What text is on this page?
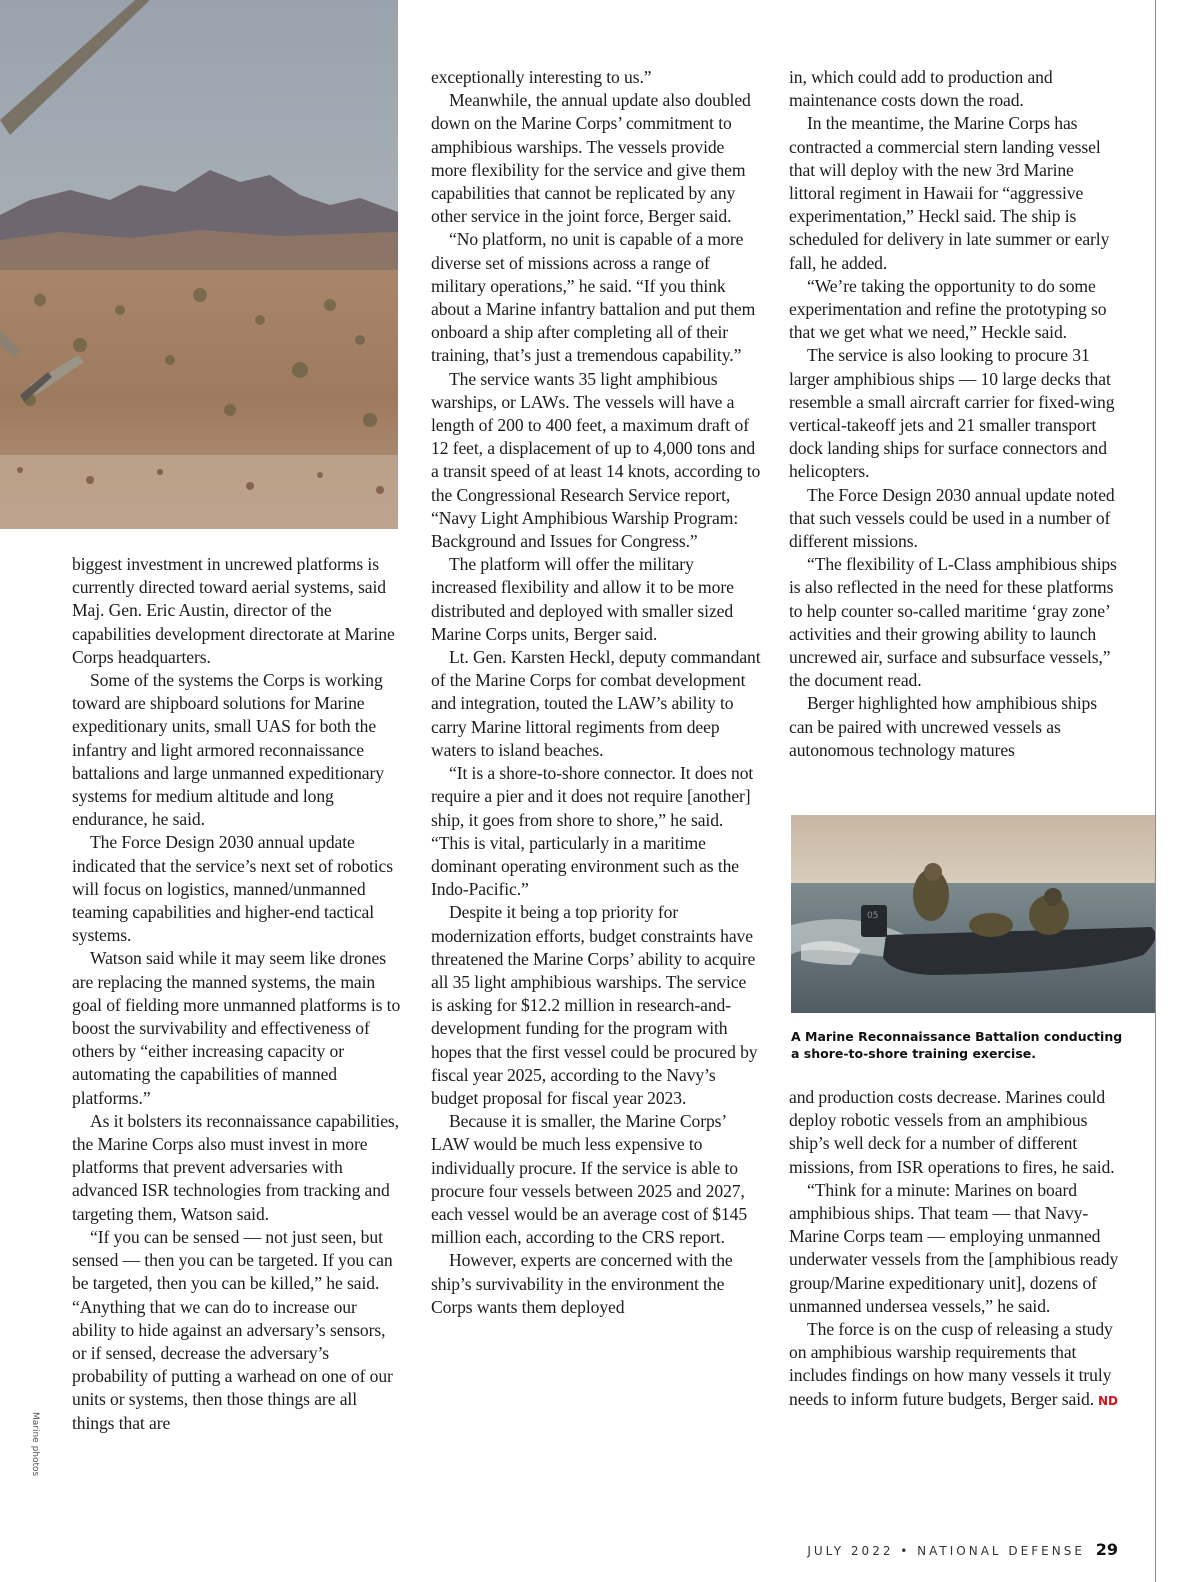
05
A Marine Reconnaissance Battalion conducting a shore-to-shore training exercise.

biggest investment in uncrewed platforms is currently directed toward aerial systems, said Maj. Gen. Eric Austin, director of the capabilities development directorate at Marine Corps headquarters.

Some of the systems the Corps is working toward are shipboard solutions for Marine expeditionary units, small UAS for both the infantry and light armored reconnaissance battalions and large unmanned expeditionary systems for medium altitude and long endurance, he said.

The Force Design 2030 annual update indicated that the service’s next set of robotics will focus on logistics, manned/unmanned teaming capabilities and higher-end tactical systems.

Watson said while it may seem like drones are replacing the manned systems, the main goal of fielding more unmanned platforms is to boost the survivability and effectiveness of others by “either increasing capacity or automating the capabilities of manned platforms.”

As it bolsters its reconnaissance capabilities, the Marine Corps also must invest in more platforms that prevent adversaries with advanced ISR technologies from tracking and targeting them, Watson said.

“If you can be sensed — not just seen, but sensed — then you can be targeted. If you can be targeted, then you can be killed,” he said. “Anything that we can do to increase our ability to hide against an adversary’s sensors, or if sensed, decrease the adversary’s probability of putting a warhead on one of our units or systems, then those things are all things that are

exceptionally interesting to us.”

Meanwhile, the annual update also doubled down on the Marine Corps’ commitment to amphibious warships. The vessels provide more flexibility for the service and give them capabilities that cannot be replicated by any other service in the joint force, Berger said.

“No platform, no unit is capable of a more diverse set of missions across a range of military operations,” he said. “If you think about a Marine infantry battalion and put them onboard a ship after completing all of their training, that’s just a tremendous capability.”

The service wants 35 light amphibious warships, or LAWs. The vessels will have a length of 200 to 400 feet, a maximum draft of 12 feet, a displacement of up to 4,000 tons and a transit speed of at least 14 knots, according to the Congressional Research Service report, “Navy Light Amphibious Warship Program: Background and Issues for Congress.”

The platform will offer the military increased flexibility and allow it to be more distributed and deployed with smaller sized Marine Corps units, Berger said.

Lt. Gen. Karsten Heckl, deputy commandant of the Marine Corps for combat development and integration, touted the LAW’s ability to carry Marine littoral regiments from deep waters to island beaches.

“It is a shore-to-shore connector. It does not require a pier and it does not require [another] ship, it goes from shore to shore,” he said. “This is vital, particularly in a maritime dominant operating environment such as the Indo-Pacific.”

Despite it being a top priority for modernization efforts, budget constraints have threatened the Marine Corps’ ability to acquire all 35 light amphibious warships. The service is asking for $12.2 million in research-and-development funding for the program with hopes that the first vessel could be procured by fiscal year 2025, according to the Navy’s budget proposal for fiscal year 2023.

Because it is smaller, the Marine Corps’ LAW would be much less expensive to individually procure. If the service is able to procure four vessels between 2025 and 2027, each vessel would be an average cost of $145 million each, according to the CRS report.

However, experts are concerned with the ship’s survivability in the environment the Corps wants them deployed

in, which could add to production and maintenance costs down the road.

In the meantime, the Marine Corps has contracted a commercial stern landing vessel that will deploy with the new 3rd Marine littoral regiment in Hawaii for “aggressive experimentation,” Heckl said. The ship is scheduled for delivery in late summer or early fall, he added.

“We’re taking the opportunity to do some experimentation and refine the prototyping so that we get what we need,” Heckle said.

The service is also looking to procure 31 larger amphibious ships — 10 large decks that resemble a small aircraft carrier for fixed-wing vertical-takeoff jets and 21 smaller transport dock landing ships for surface connectors and helicopters.

The Force Design 2030 annual update noted that such vessels could be used in a number of different missions.

“The flexibility of L-Class amphibious ships is also reflected in the need for these platforms to help counter so-called maritime ‘gray zone’ activities and their growing ability to launch uncrewed air, surface and subsurface vessels,” the document read.

Berger highlighted how amphibious ships can be paired with uncrewed vessels as autonomous technology matures

and production costs decrease. Marines could deploy robotic vessels from an amphibious ship’s well deck for a number of different missions, from ISR operations to fires, he said.

“Think for a minute: Marines on board amphibious ships. That team — that Navy-Marine Corps team — employing unmanned underwater vessels from the [amphibious ready group/Marine expeditionary unit], dozens of unmanned undersea vessels,” he said.

The force is on the cusp of releasing a study on amphibious warship requirements that includes findings on how many vessels it truly needs to inform future budgets, Berger said. ND

Marine photos
JULY 2022 • NATIONAL DEFENSE 29
